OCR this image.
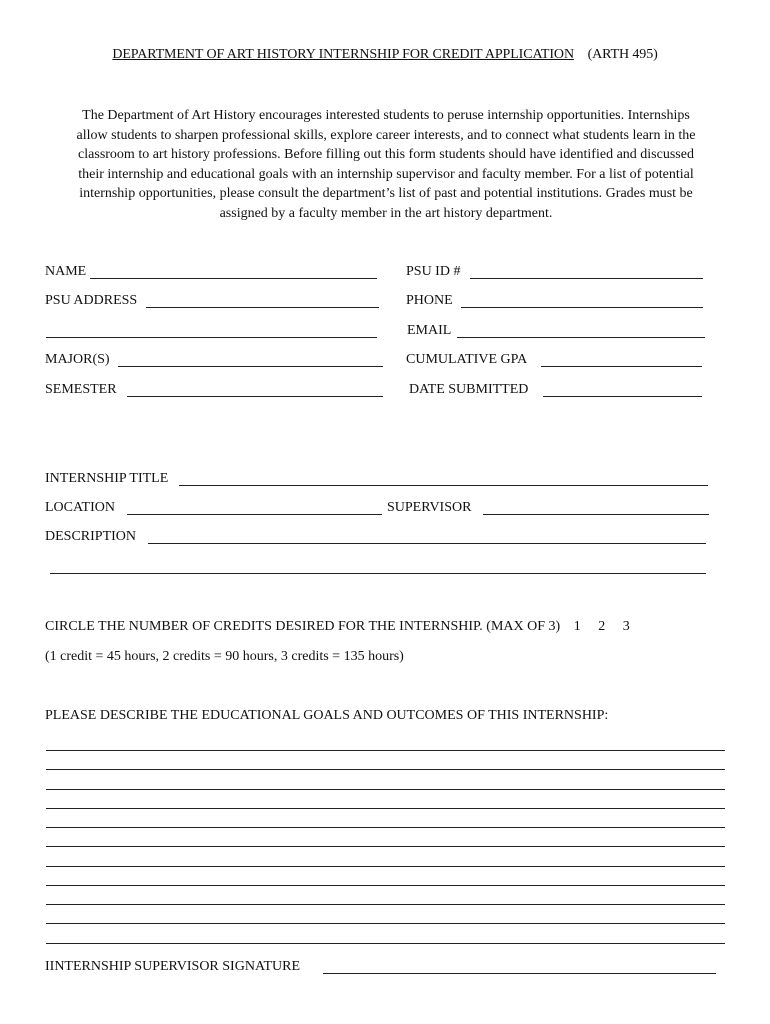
DEPARTMENT OF ART HISTORY INTERNSHIP FOR CREDIT APPLICATION (ARTH 495)
The Department of Art History encourages interested students to peruse internship opportunities. Internships
allow students to sharpen professional skills, explore career interests, and to connect what students learn in the
classroom to art history professions. Before filling out this form students should have identified and discussed
their internship and educational goals with an internship supervisor and faculty member. For a list of potential
internship opportunities, please consult the department’s list of past and potential institutions. Grades must be
assigned by a faculty member in the art history department.
NAME
PSU ADDRESS
MAJOR(S)
SEMESTER
PSU ID #
PHONE
EMAIL
CUMULATIVE GPA
DATE SUBMITTED
INTERNSHIP TITLE
LOCATION	SUPERVISOR
DESCRIPTION
CIRCLE THE NUMBER OF CREDITS DESIRED FOR THE INTERNSHIP. (MAX OF 3) 1 2 3
(1 credit = 45 hours, 2 credits = 90 hours, 3 credits = 135 hours)
PLEASE DESCRIBE THE EDUCATIONAL GOALS AND OUTCOMES OF THIS INTERNSHIP:
IINTERNSHIP SUPERVISOR SIGNATURE
